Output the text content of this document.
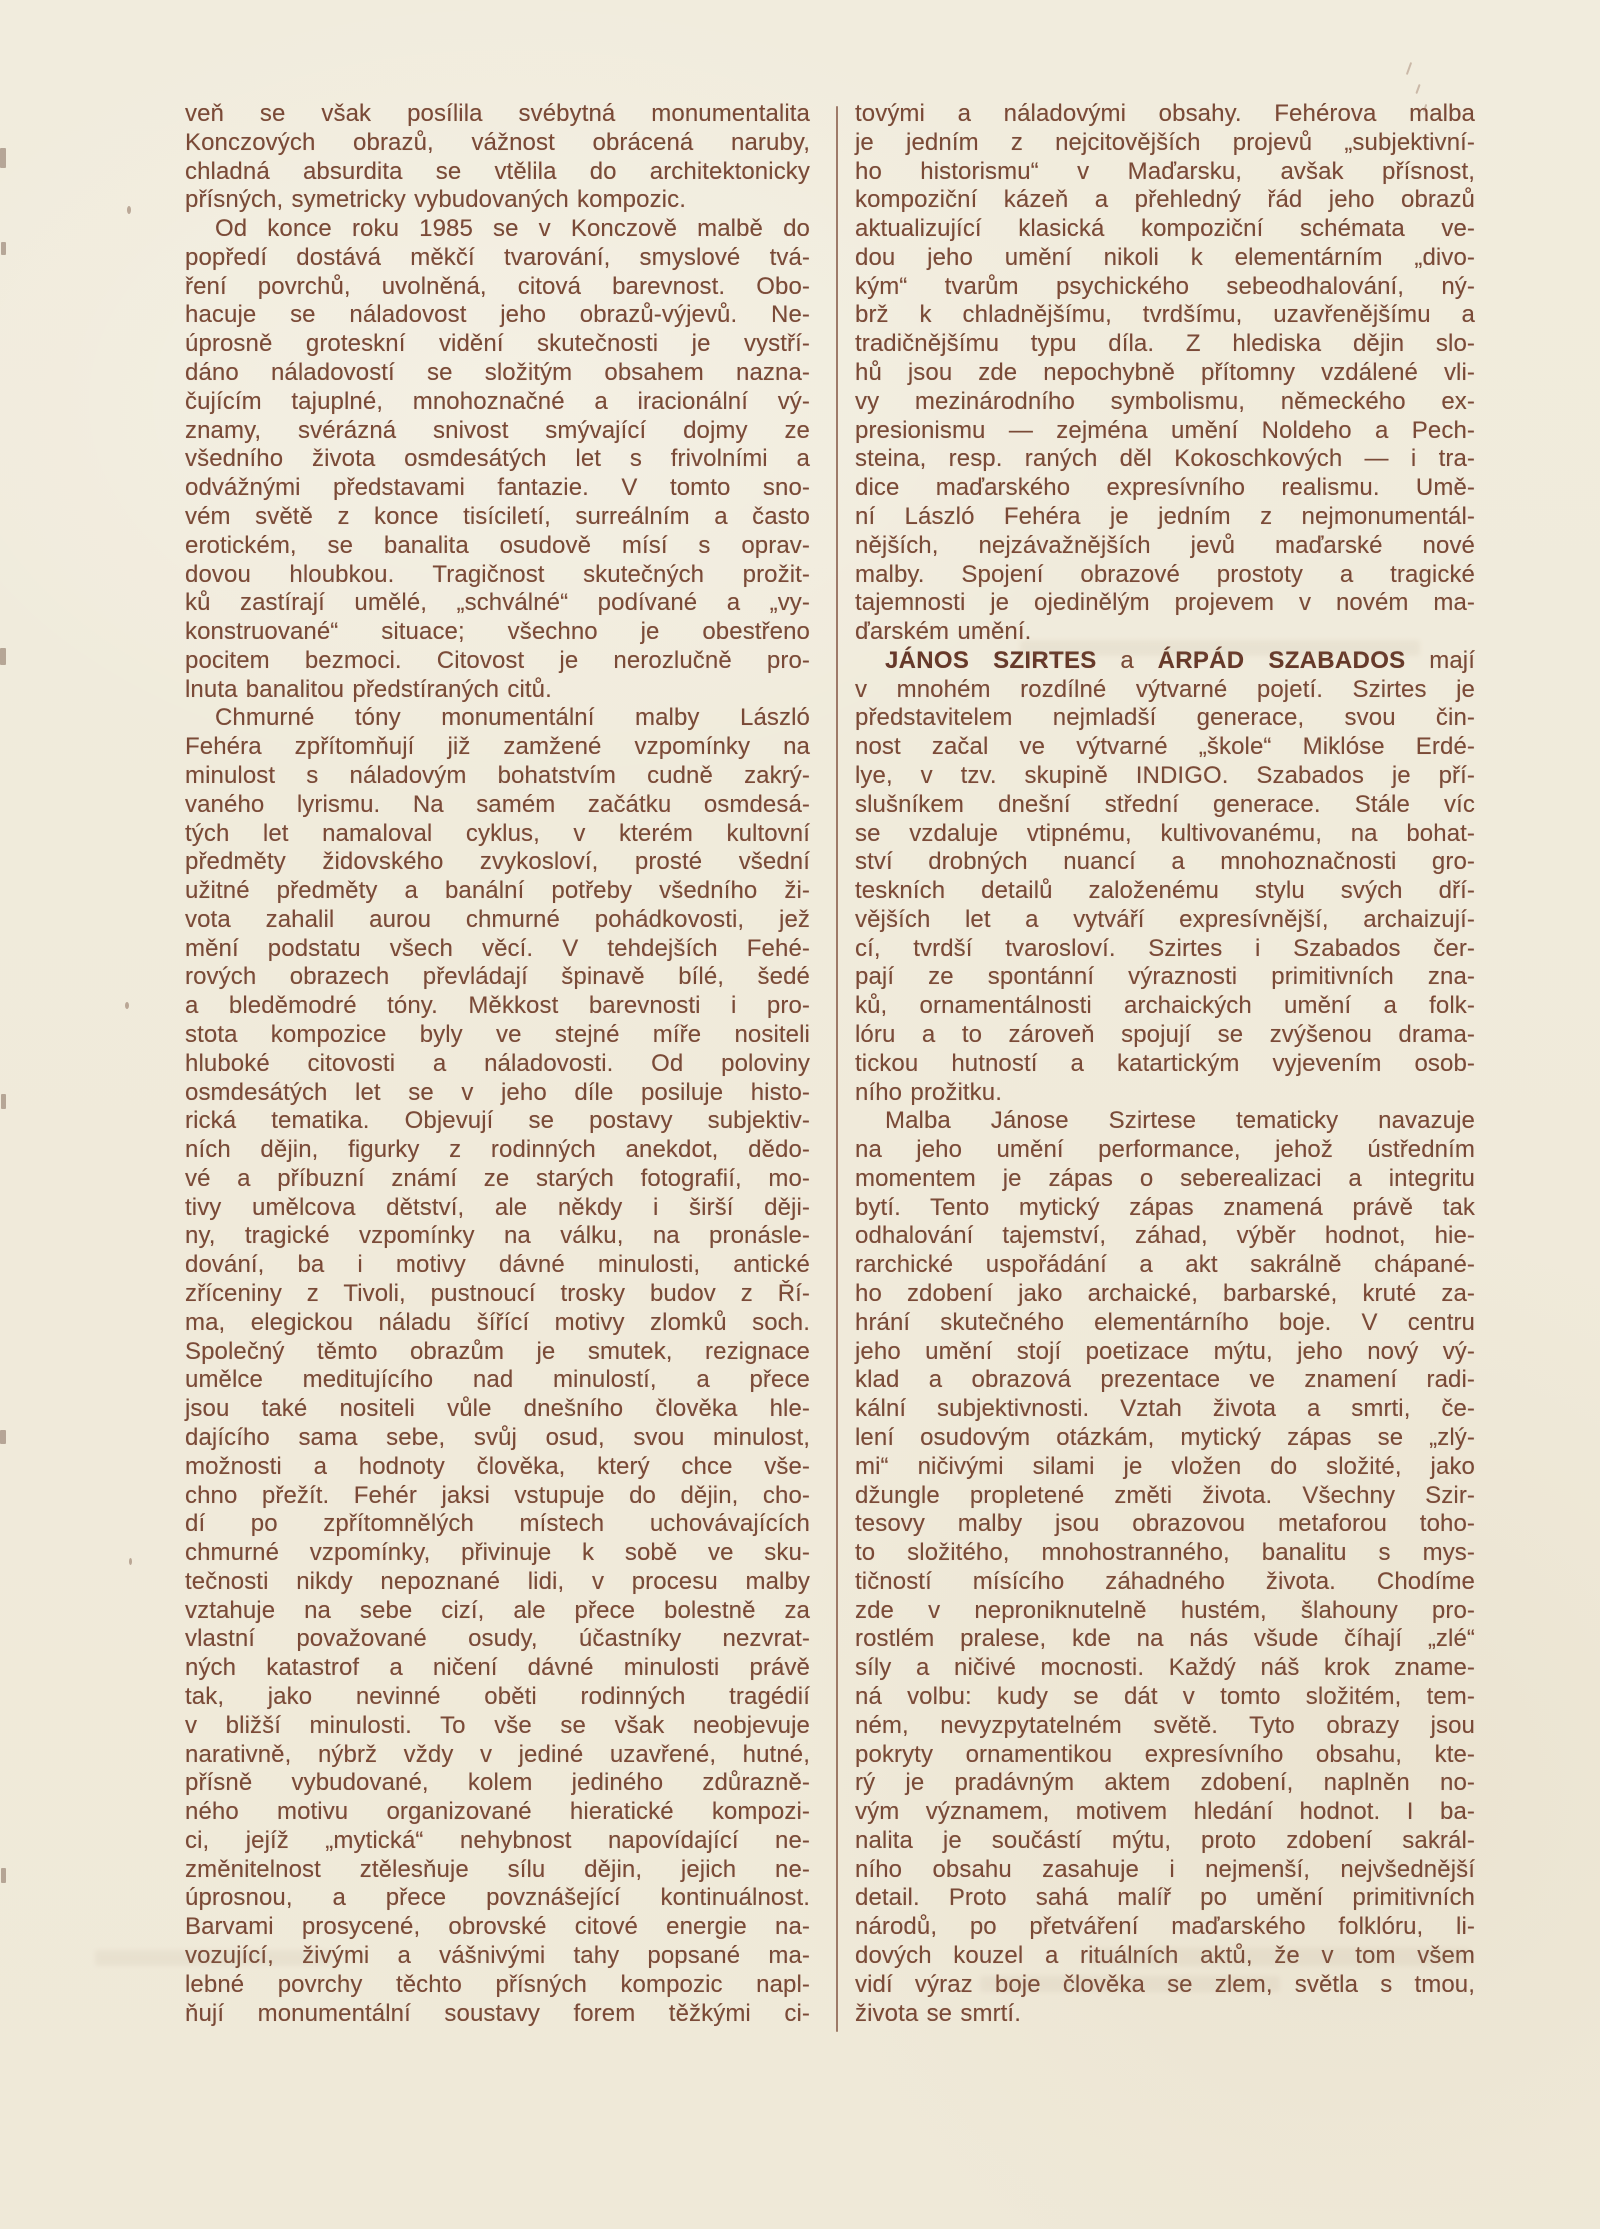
veň se však posílila svébytná monumentalita
Konczových obrazů, vážnost obrácená naruby,
chladná absurdita se vtělila do architektonicky
přísných, symetricky vybudovaných kompozic.
Od konce roku 1985 se v Konczově malbě do
popředí dostává měkčí tvarování, smyslové tvá-
ření povrchů, uvolněná, citová barevnost. Obo-
hacuje se náladovost jeho obrazů-výjevů. Ne-
úprosně groteskní vidění skutečnosti je vystří-
dáno náladovostí se složitým obsahem nazna-
čujícím tajuplné, mnohoznačné a iracionální vý-
znamy, svérázná snivost smývající dojmy ze
všedního života osmdesátých let s frivolními a
odvážnými představami fantazie. V tomto sno-
vém světě z konce tisíciletí, surreálním a často
erotickém, se banalita osudově mísí s oprav-
dovou hloubkou. Tragičnost skutečných prožit-
ků zastírají umělé, „schválné“ podívané a „vy-
konstruované“ situace; všechno je obestřeno
pocitem bezmoci. Citovost je nerozlučně pro-
lnuta banalitou předstíraných citů.
Chmurné tóny monumentální malby László
Fehéra zpřítomňují již zamžené vzpomínky na
minulost s náladovým bohatstvím cudně zakrý-
vaného lyrismu. Na samém začátku osmdesá-
tých let namaloval cyklus, v kterém kultovní
předměty židovského zvykosloví, prosté všední
užitné předměty a banální potřeby všedního ži-
vota zahalil aurou chmurné pohádkovosti, jež
mění podstatu všech věcí. V tehdejších Fehé-
rových obrazech převládají špinavě bílé, šedé
a bleděmodré tóny. Měkkost barevnosti i pro-
stota kompozice byly ve stejné míře nositeli
hluboké citovosti a náladovosti. Od poloviny
osmdesátých let se v jeho díle posiluje histo-
rická tematika. Objevují se postavy subjektiv-
ních dějin, figurky z rodinných anekdot, dědo-
vé a příbuzní známí ze starých fotografií, mo-
tivy umělcova dětství, ale někdy i širší ději-
ny, tragické vzpomínky na válku, na pronásle-
dování, ba i motivy dávné minulosti, antické
zříceniny z Tivoli, pustnoucí trosky budov z Ří-
ma, elegickou náladu šířící motivy zlomků soch.
Společný těmto obrazům je smutek, rezignace
umělce meditujícího nad minulostí, a přece
jsou také nositeli vůle dnešního člověka hle-
dajícího sama sebe, svůj osud, svou minulost,
možnosti a hodnoty člověka, který chce vše-
chno přežít. Fehér jaksi vstupuje do dějin, cho-
dí po zpřítomnělých místech uchovávajících
chmurné vzpomínky, přivinuje k sobě ve sku-
tečnosti nikdy nepoznané lidi, v procesu malby
vztahuje na sebe cizí, ale přece bolestně za
vlastní považované osudy, účastníky nezvrat-
ných katastrof a ničení dávné minulosti právě
tak, jako nevinné oběti rodinných tragédií
v bližší minulosti. To vše se však neobjevuje
narativně, nýbrž vždy v jediné uzavřené, hutné,
přísně vybudované, kolem jediného zdůrazně-
ného motivu organizované hieratické kompozi-
ci, jejíž „mytická“ nehybnost napovídající ne-
změnitelnost ztělesňuje sílu dějin, jejich ne-
úprosnou, a přece povznášející kontinuálnost.
Barvami prosycené, obrovské citové energie na-
vozující, živými a vášnivými tahy popsané ma-
lebné povrchy těchto přísných kompozic napl-
ňují monumentální soustavy forem těžkými ci-
tovými a náladovými obsahy. Fehérova malba
je jedním z nejcitovějších projevů „subjektivní-
ho historismu“ v Maďarsku, avšak přísnost,
kompoziční kázeň a přehledný řád jeho obrazů
aktualizující klasická kompoziční schémata ve-
dou jeho umění nikoli k elementárním „divo-
kým“ tvarům psychického sebeodhalování, ný-
brž k chladnějšímu, tvrdšímu, uzavřenějšímu a
tradičnějšímu typu díla. Z hlediska dějin slo-
hů jsou zde nepochybně přítomny vzdálené vli-
vy mezinárodního symbolismu, německého ex-
presionismu — zejména umění Noldeho a Pech-
steina, resp. raných děl Kokoschkových — i tra-
dice maďarského expresívního realismu. Umě-
ní László Fehéra je jedním z nejmonumentál-
nějších, nejzávažnějších jevů maďarské nové
malby. Spojení obrazové prostoty a tragické
tajemnosti je ojedinělým projevem v novém ma-
ďarském umění.
JÁNOS SZIRTES a ÁRPÁD SZABADOS mají
v mnohém rozdílné výtvarné pojetí. Szirtes je
představitelem nejmladší generace, svou čin-
nost začal ve výtvarné „škole“ Miklóse Erdé-
lye, v tzv. skupině INDIGO. Szabados je pří-
slušníkem dnešní střední generace. Stále víc
se vzdaluje vtipnému, kultivovanému, na bohat-
ství drobných nuancí a mnohoznačnosti gro-
teskních detailů založenému stylu svých dří-
vějších let a vytváří expresívnější, archaizují-
cí, tvrdší tvarosloví. Szirtes i Szabados čer-
pají ze spontánní výraznosti primitivních zna-
ků, ornamentálnosti archaických umění a folk-
lóru a to zároveň spojují se zvýšenou drama-
tickou hutností a katartickým vyjevením osob-
ního prožitku.
Malba Jánose Szirtese tematicky navazuje
na jeho umění performance, jehož ústředním
momentem je zápas o seberealizaci a integritu
bytí. Tento mytický zápas znamená právě tak
odhalování tajemství, záhad, výběr hodnot, hie-
rarchické uspořádání a akt sakrálně chápané-
ho zdobení jako archaické, barbarské, kruté za-
hrání skutečného elementárního boje. V centru
jeho umění stojí poetizace mýtu, jeho nový vý-
klad a obrazová prezentace ve znamení radi-
kální subjektivnosti. Vztah života a smrti, če-
lení osudovým otázkám, mytický zápas se „zlý-
mi“ ničivými silami je vložen do složité, jako
džungle propletené změti života. Všechny Szir-
tesovy malby jsou obrazovou metaforou toho-
to složitého, mnohostranného, banalitu s mys-
tičností mísícího záhadného života. Chodíme
zde v neproniknutelně hustém, šlahouny pro-
rostlém pralese, kde na nás všude číhají „zlé“
síly a ničivé mocnosti. Každý náš krok zname-
ná volbu: kudy se dát v tomto složitém, tem-
ném, nevyzpytatelném světě. Tyto obrazy jsou
pokryty ornamentikou expresívního obsahu, kte-
rý je pradávným aktem zdobení, naplněn no-
vým významem, motivem hledání hodnot. I ba-
nalita je součástí mýtu, proto zdobení sakrál-
ního obsahu zasahuje i nejmenší, nejvšednější
detail. Proto sahá malíř po umění primitivních
národů, po přetváření maďarského folklóru, li-
dových kouzel a rituálních aktů, že v tom všem
vidí výraz boje člověka se zlem, světla s tmou,
života se smrtí.
